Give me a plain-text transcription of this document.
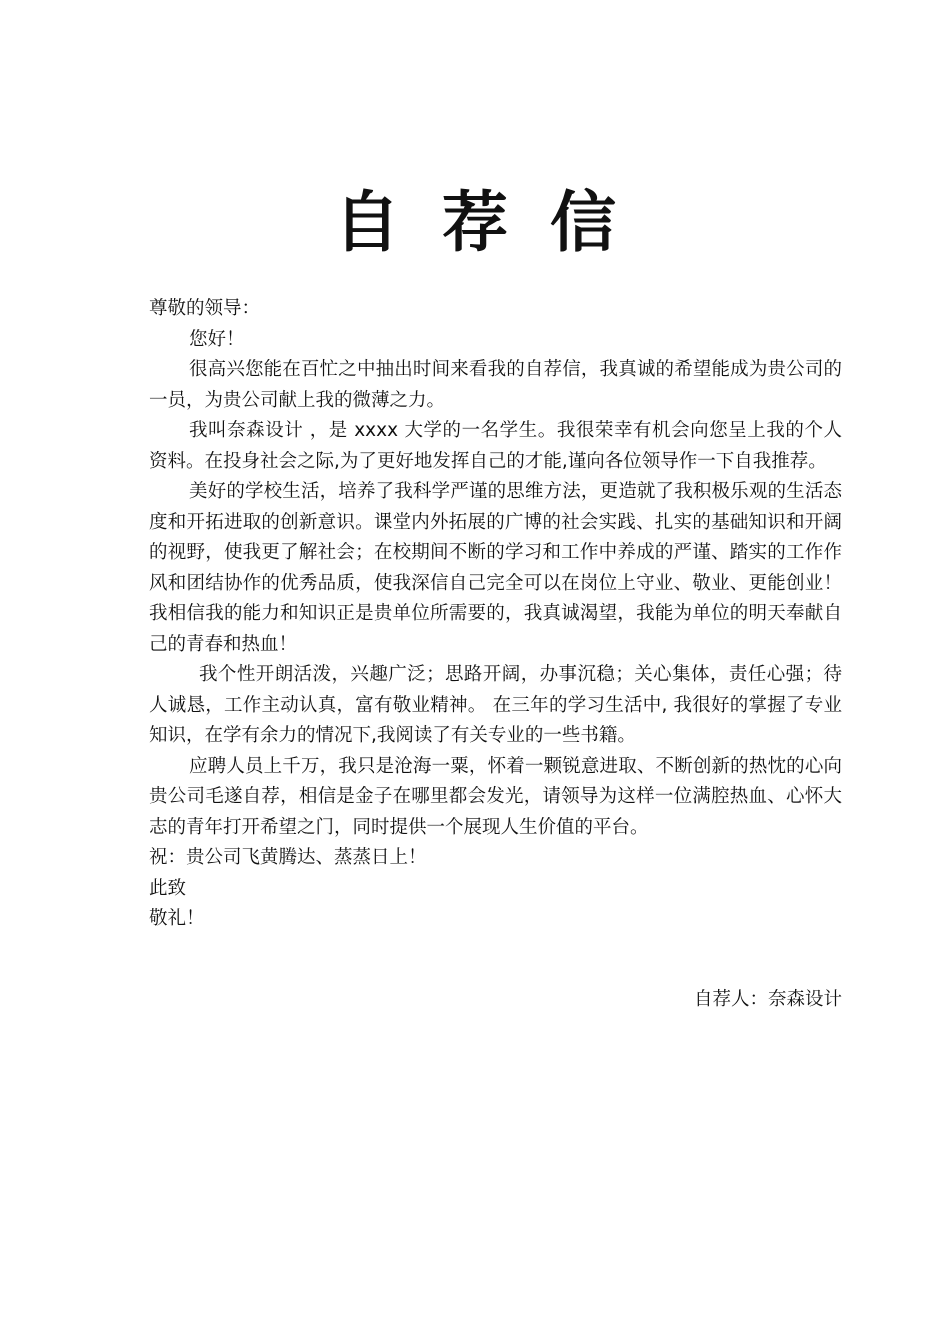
自荐信

尊敬的领导：

您好！

很高兴您能在百忙之中抽出时间来看我的自荐信，我真诚的希望能成为贵公司的一员，为贵公司献上我的微薄之力。

我叫奈森设计 ，是 xxxx 大学的一名学生。我很荣幸有机会向您呈上我的个人资料。在投身社会之际,为了更好地发挥自己的才能,谨向各位领导作一下自我推荐。

美好的学校生活，培养了我科学严谨的思维方法，更造就了我积极乐观的生活态度和开拓进取的创新意识。课堂内外拓展的广博的社会实践、扎实的基础知识和开阔的视野，使我更了解社会；在校期间不断的学习和工作中养成的严谨、踏实的工作作风和团结协作的优秀品质，使我深信自己完全可以在岗位上守业、敬业、更能创业！我相信我的能力和知识正是贵单位所需要的，我真诚渴望，我能为单位的明天奉献自己的青春和热血！

我个性开朗活泼，兴趣广泛；思路开阔，办事沉稳；关心集体，责任心强；待人诚恳，工作主动认真，富有敬业精神。 在三年的学习生活中, 我很好的掌握了专业知识，在学有余力的情况下,我阅读了有关专业的一些书籍。

应聘人员上千万，我只是沧海一粟，怀着一颗锐意进取、不断创新的热忱的心向贵公司毛遂自荐，相信是金子在哪里都会发光，请领导为这样一位满腔热血、心怀大志的青年打开希望之门，同时提供一个展现人生价值的平台。

祝：贵公司飞黄腾达、蒸蒸日上！

此致

敬礼！

自荐人：奈森设计
